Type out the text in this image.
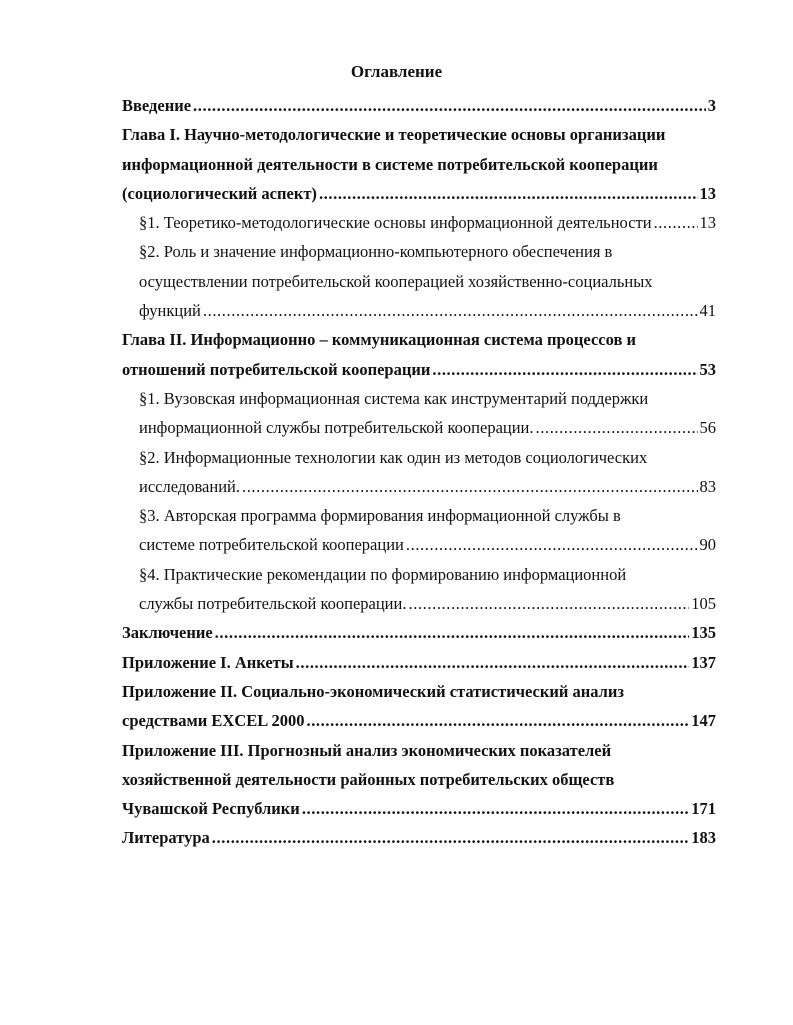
Оглавление
Введение .....	3
Глава I. Научно-методологические и теоретические основы организации
информационной деятельности в системе потребительской кооперации
(социологический аспект) .....	13
§1. Теоретико-методологические основы информационной деятельности .....	13
§2. Роль и значение информационно-компьютерного обеспечения в
осуществлении потребительской кооперацией хозяйственно-социальных
функций .....	41
Глава II. Информационно – коммуникационная система процессов и
отношений потребительской кооперации .....	53
§1. Вузовская информационная система как инструментарий поддержки
информационной службы потребительской кооперации. .....	56
§2. Информационные технологии как один из методов социологических
исследований. .....	83
§3. Авторская программа формирования информационной службы в
системе потребительской кооперации .....	90
§4. Практические рекомендации по формированию информационной
службы потребительской кооперации. .....	105
Заключение .....	135
Приложение I. Анкеты .....	137
Приложение II. Социально-экономический статистический анализ
средствами EXCEL 2000 .....	147
Приложение III. Прогнозный анализ экономических показателей
хозяйственной деятельности районных потребительских обществ
Чувашской Республики .....	171
Литература .....	183
